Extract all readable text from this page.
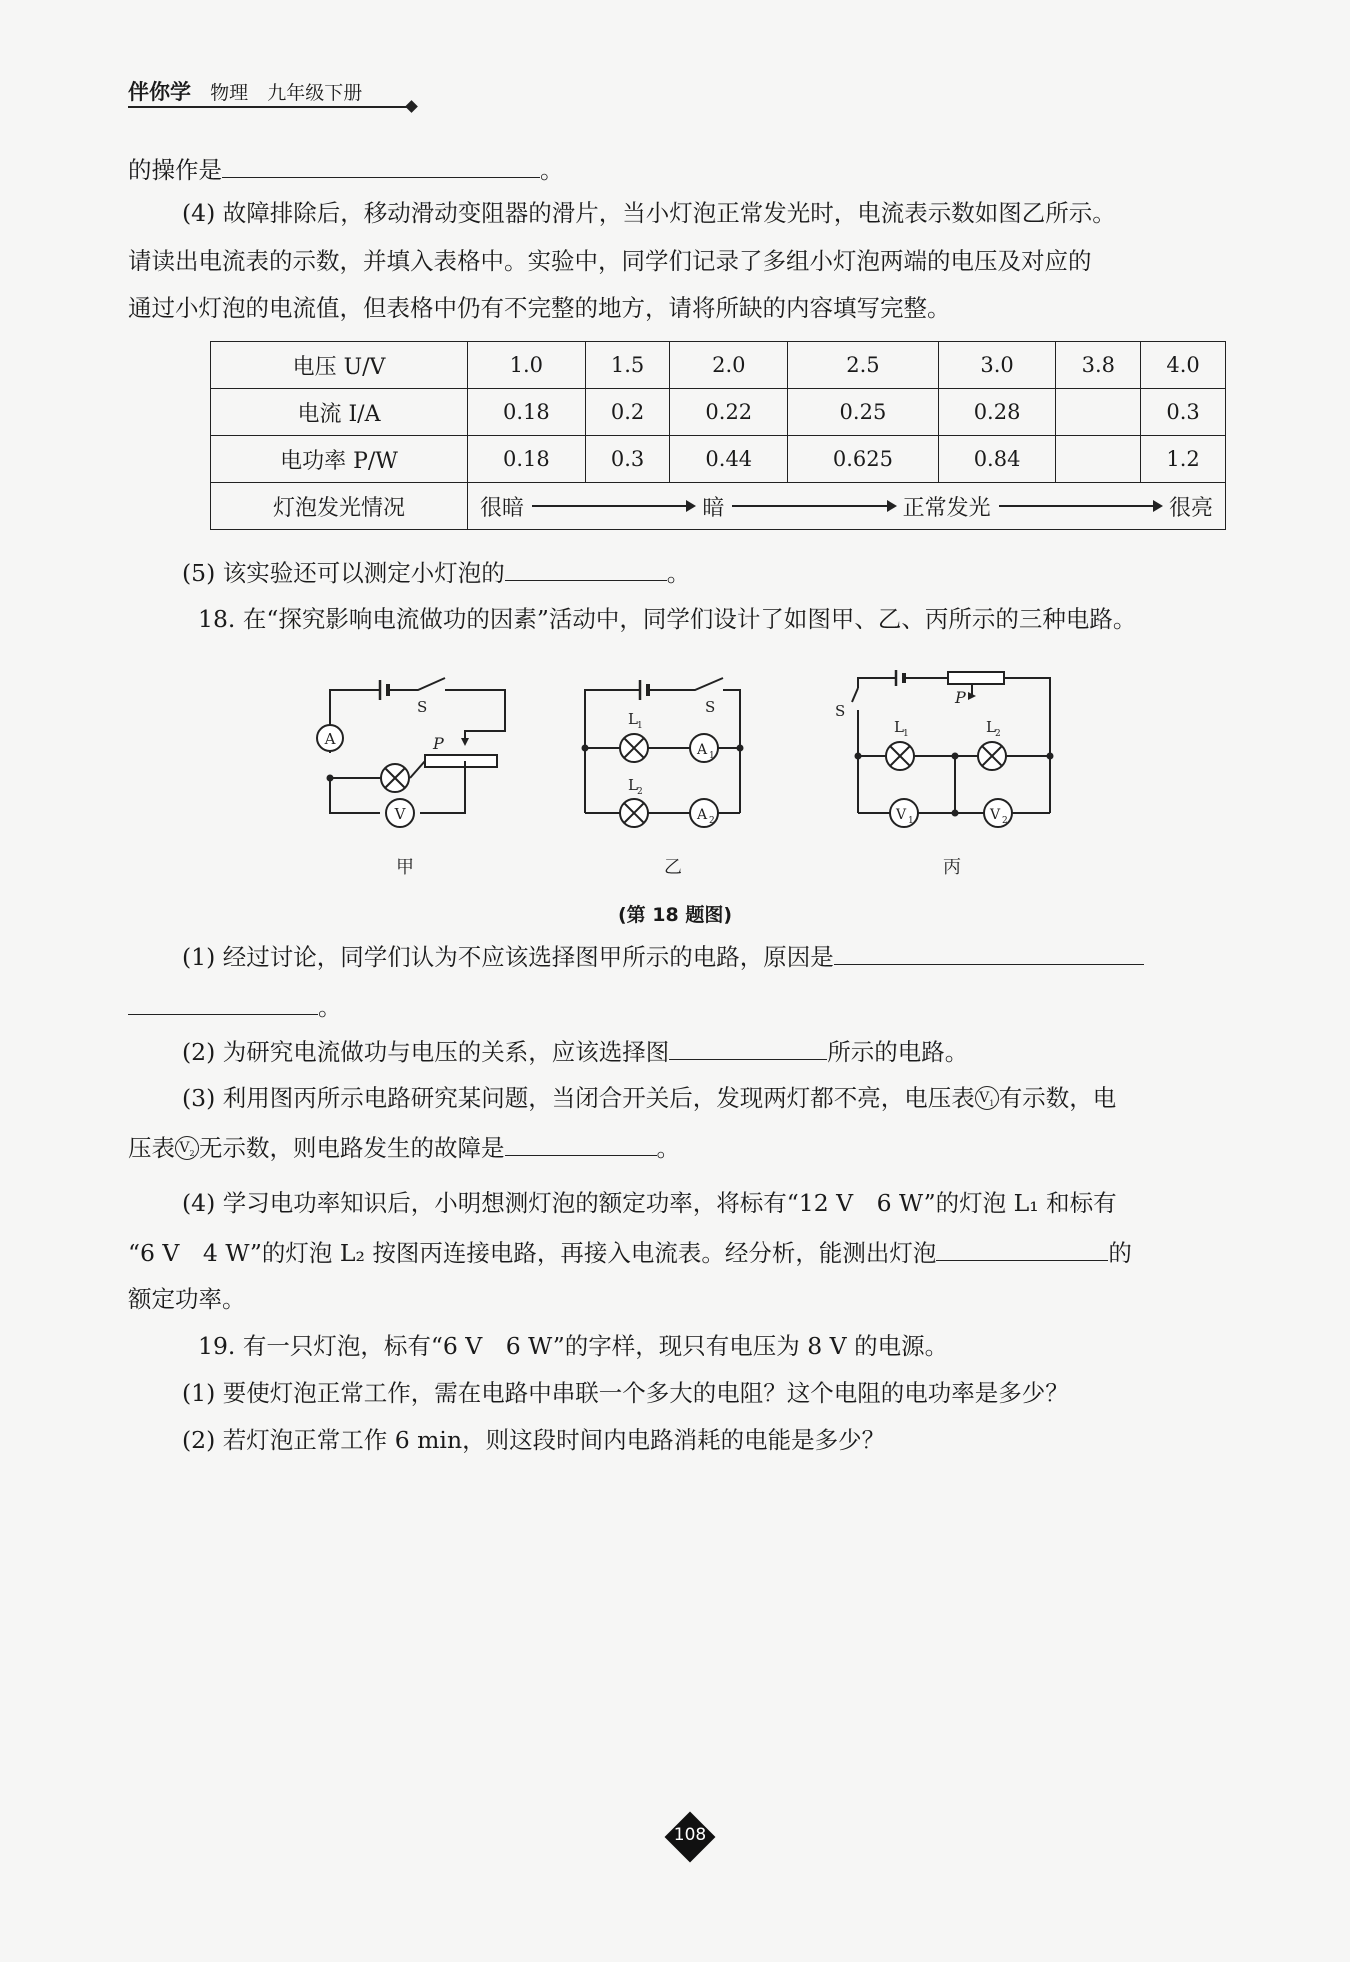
伴你学 物理 九年级下册
的操作是	。
(4) 故障排除后，移动滑动变阻器的滑片，当小灯泡正常发光时，电流表示数如图乙所示。
请读出电流表的示数，并填入表格中。实验中，同学们记录了多组小灯泡两端的电压及对应的
通过小灯泡的电流值，但表格中仍有不完整的地方，请将所缺的内容填写完整。
电压 U/V	1.0	1.5	2.0	2.5	3.0	3.8	4.0
电流 I/A	0.18	0.2	0.22	0.25	0.28		0.3
电功率 P/W	0.18	0.3	0.44	0.625	0.84		1.2
灯泡发光情况	很暗 暗 正常发光 很亮						
(5) 该实验还可以测定小灯泡的	。
18. 在“探究影响电流做功的因素”活动中，同学们设计了如图甲、乙、丙所示的三种电路。
A
V
S
P
甲
A 1
A 2
S
L 1
L 2
乙
V 1	V 2
S
P
L 1	L 2
丙
(第 18 题图)
(1) 经过讨论，同学们认为不应该选择图甲所示的电路，原因是
。
(2) 为研究电流做功与电压的关系，应该选择图	所示的电路。
(3) 利用图丙所示电路研究某问题，当闭合开关后，发现两灯都不亮，电压表 $V_1$ 有示数，电
压表 $V_2$ 无示数，则电路发生的故障是	。
(4) 学习电功率知识后，小明想测灯泡的额定功率，将标有“12 V　6 W”的灯泡 L₁ 和标有
“6 V　4 W”的灯泡 L₂ 按图丙连接电路，再接入电流表。经分析，能测出灯泡	的
额定功率。
19. 有一只灯泡，标有“6 V　6 W”的字样，现只有电压为 8 V 的电源。
(1) 要使灯泡正常工作，需在电路中串联一个多大的电阻？这个电阻的电功率是多少？
(2) 若灯泡正常工作 6 min，则这段时间内电路消耗的电能是多少？
108
